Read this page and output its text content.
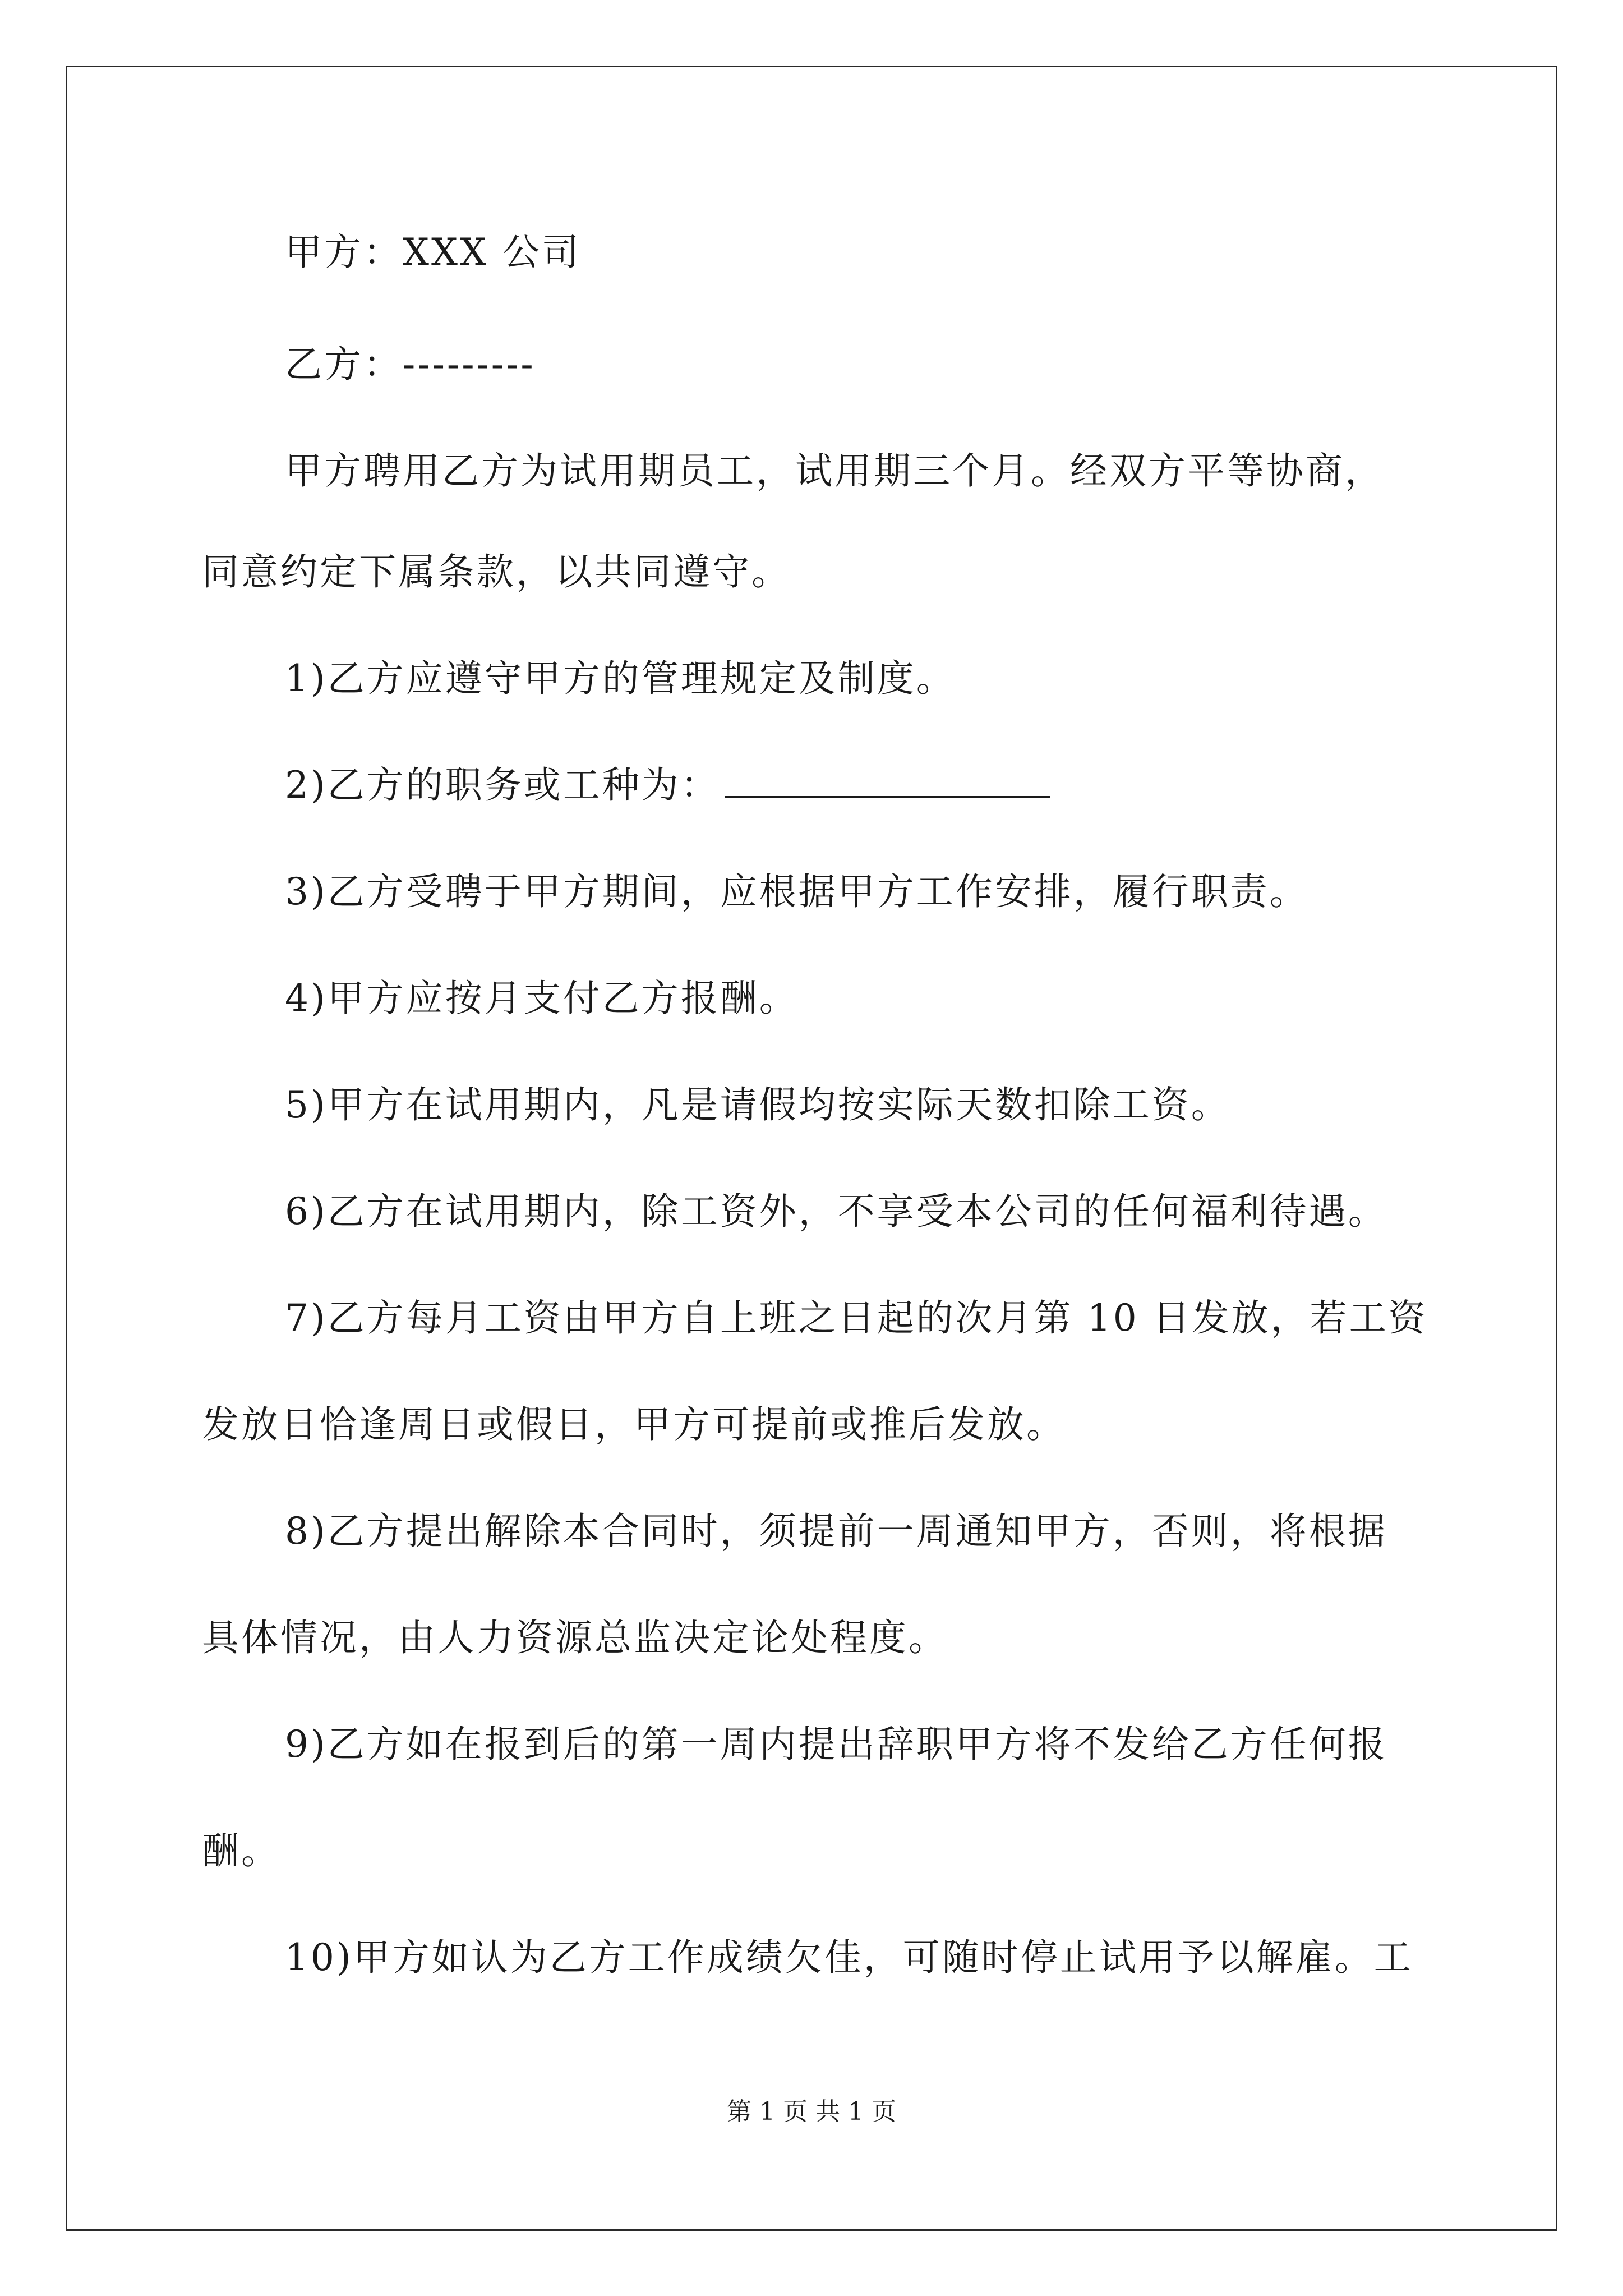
甲方：XXX 公司
乙方：---------
甲方聘用乙方为试用期员工，试用期三个月。经双方平等协商，
同意约定下属条款，以共同遵守。
1)乙方应遵守甲方的管理规定及制度。
2)乙方的职务或工种为：
3)乙方受聘于甲方期间，应根据甲方工作安排，履行职责。
4)甲方应按月支付乙方报酬。
5)甲方在试用期内，凡是请假均按实际天数扣除工资。
6)乙方在试用期内，除工资外，不享受本公司的任何福利待遇。
7)乙方每月工资由甲方自上班之日起的次月第 10 日发放，若工资
发放日恰逢周日或假日，甲方可提前或推后发放。
8)乙方提出解除本合同时，须提前一周通知甲方，否则，将根据
具体情况，由人力资源总监决定论处程度。
9)乙方如在报到后的第一周内提出辞职甲方将不发给乙方任何报
酬。
10)甲方如认为乙方工作成绩欠佳，可随时停止试用予以解雇。工
第 1 页 共 1 页
